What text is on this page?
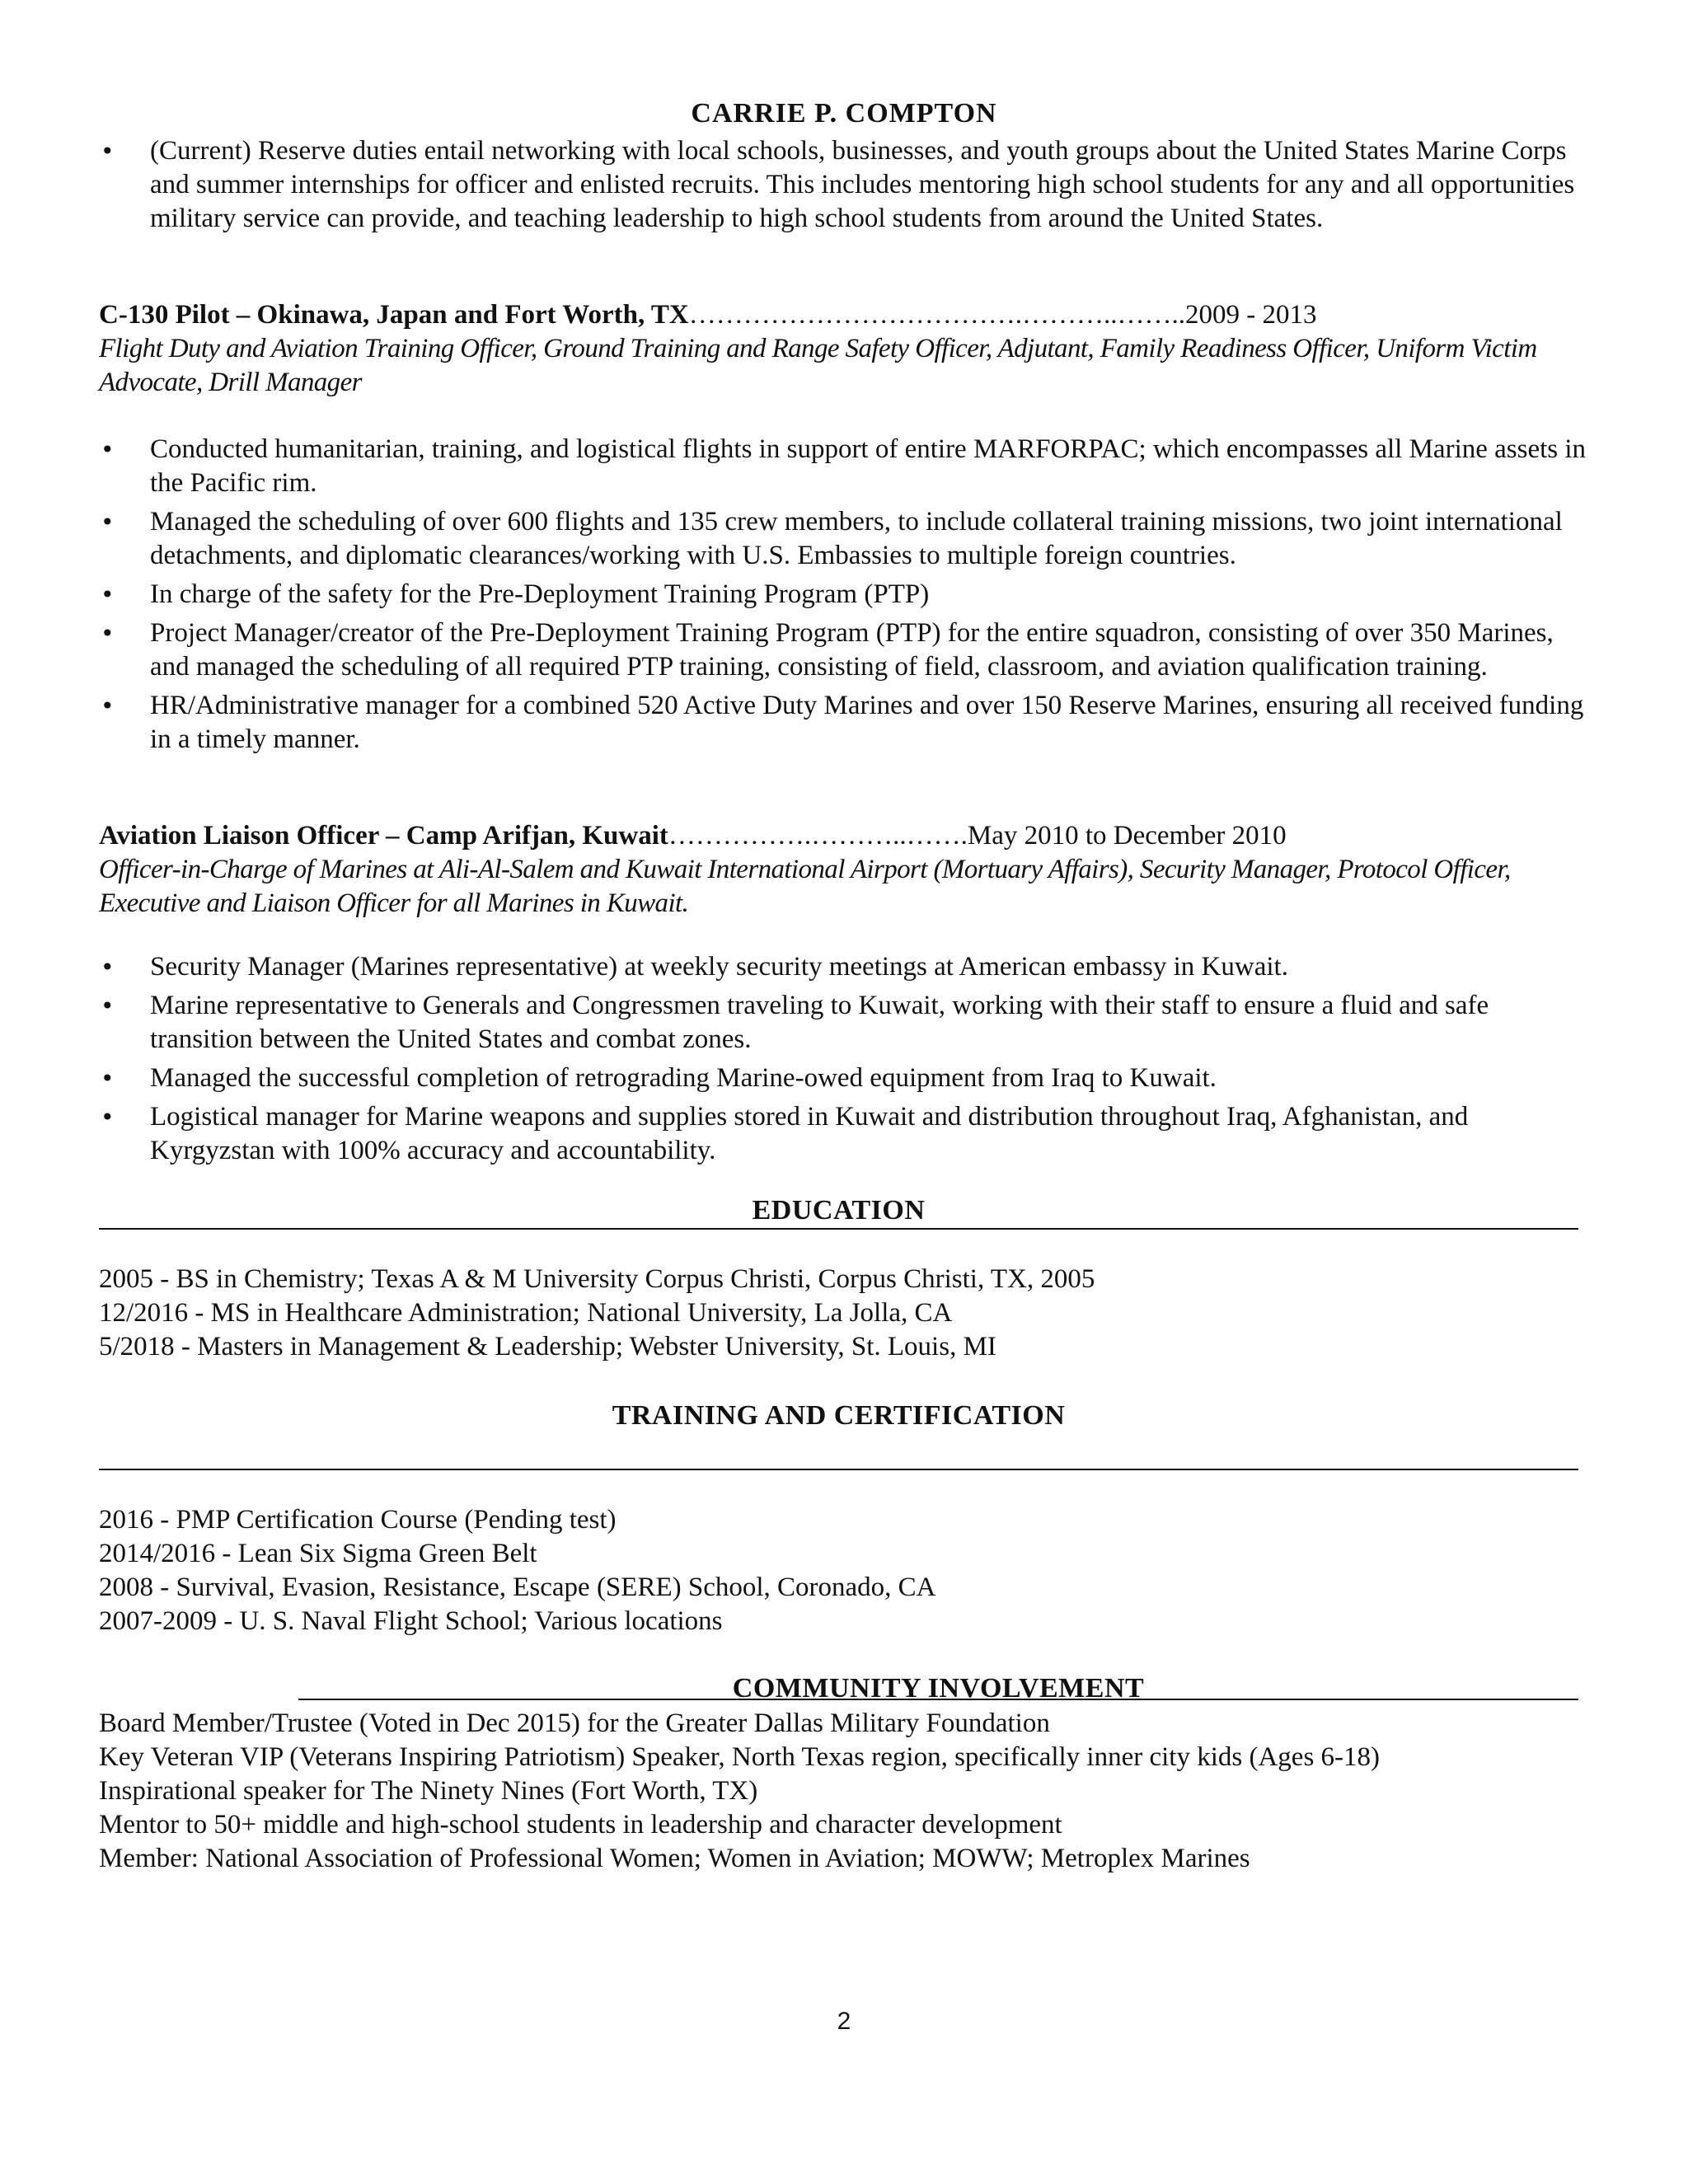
CARRIE P. COMPTON
• (Current) Reserve duties entail networking with local schools, businesses, and youth groups about the United States Marine Corps and summer internships for officer and enlisted recruits. This includes mentoring high school students for any and all opportunities military service can provide, and teaching leadership to high school students from around the United States.
C-130 Pilot – Okinawa, Japan and Fort Worth, TX……………………………….………..……..2009 - 2013
Flight Duty and Aviation Training Officer, Ground Training and Range Safety Officer, Adjutant, Family Readiness Officer, Uniform Victim Advocate, Drill Manager
• Conducted humanitarian, training, and logistical flights in support of entire MARFORPAC; which encompasses all Marine assets in the Pacific rim.
• Managed the scheduling of over 600 flights and 135 crew members, to include collateral training missions, two joint international detachments, and diplomatic clearances/working with U.S. Embassies to multiple foreign countries.
• In charge of the safety for the Pre-Deployment Training Program (PTP)
• Project Manager/creator of the Pre-Deployment Training Program (PTP) for the entire squadron, consisting of over 350 Marines, and managed the scheduling of all required PTP training, consisting of field, classroom, and aviation qualification training.
• HR/Administrative manager for a combined 520 Active Duty Marines and over 150 Reserve Marines, ensuring all received funding in a timely manner.
Aviation Liaison Officer – Camp Arifjan, Kuwait…………….………..…….May 2010 to December 2010
Officer-in-Charge of Marines at Ali-Al-Salem and Kuwait International Airport (Mortuary Affairs), Security Manager, Protocol Officer, Executive and Liaison Officer for all Marines in Kuwait.
• Security Manager (Marines representative) at weekly security meetings at American embassy in Kuwait.
• Marine representative to Generals and Congressmen traveling to Kuwait, working with their staff to ensure a fluid and safe transition between the United States and combat zones.
• Managed the successful completion of retrograding Marine-owed equipment from Iraq to Kuwait.
• Logistical manager for Marine weapons and supplies stored in Kuwait and distribution throughout Iraq, Afghanistan, and Kyrgyzstan with 100% accuracy and accountability.
EDUCATION
2005 - BS in Chemistry; Texas A & M University Corpus Christi, Corpus Christi, TX, 2005
12/2016 - MS in Healthcare Administration; National University, La Jolla, CA
5/2018 - Masters in Management & Leadership; Webster University, St. Louis, MI
TRAINING AND CERTIFICATION
2016 - PMP Certification Course (Pending test)
2014/2016 - Lean Six Sigma Green Belt
2008 - Survival, Evasion, Resistance, Escape (SERE) School, Coronado, CA
2007-2009 - U. S. Naval Flight School; Various locations
COMMUNITY INVOLVEMENT
Board Member/Trustee (Voted in Dec 2015) for the Greater Dallas Military Foundation
Key Veteran VIP (Veterans Inspiring Patriotism) Speaker, North Texas region, specifically inner city kids (Ages 6-18)
Inspirational speaker for The Ninety Nines (Fort Worth, TX)
Mentor to 50+ middle and high-school students in leadership and character development
Member: National Association of Professional Women; Women in Aviation; MOWW; Metroplex Marines
2
